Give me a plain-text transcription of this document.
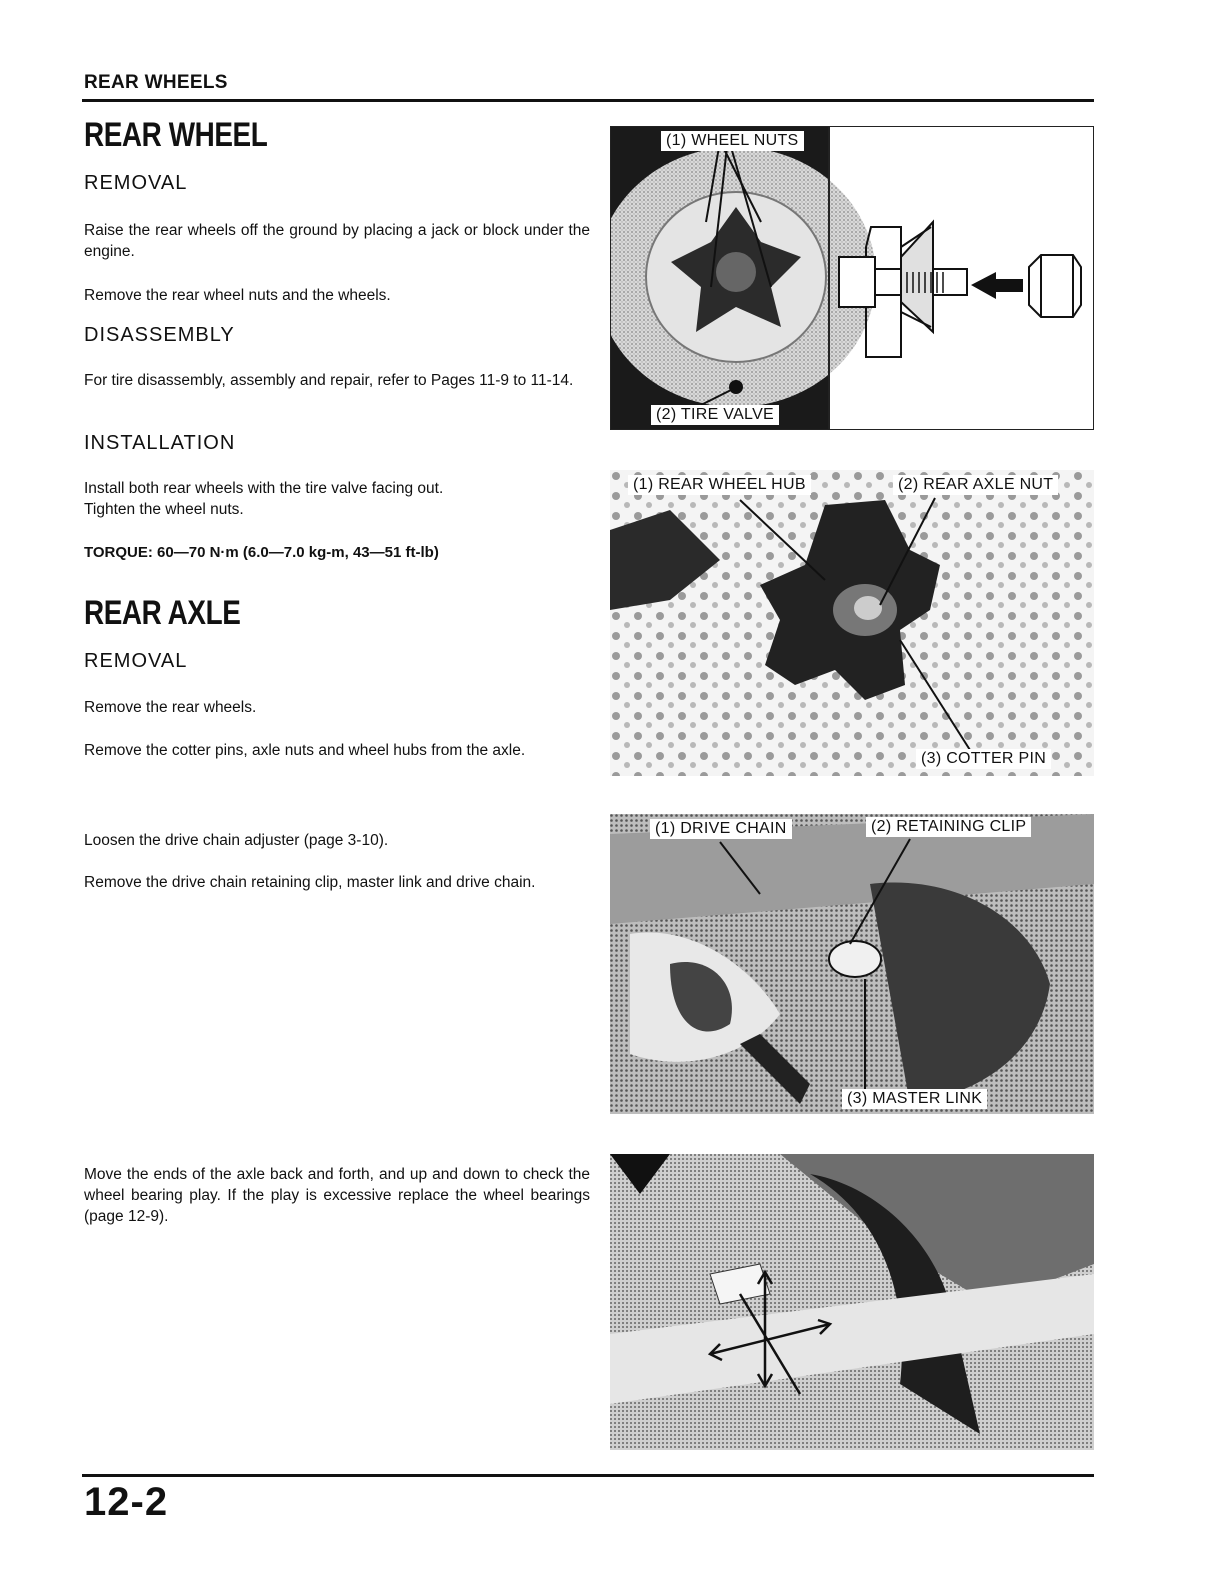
REAR WHEELS
REAR WHEEL
REMOVAL
Raise the rear wheels off the ground by placing a jack or block under the engine.
Remove the rear wheel nuts and the wheels.
DISASSEMBLY
For tire disassembly, assembly and repair, refer to Pages 11-9 to 11-14.
INSTALLATION
Install both rear wheels with the tire valve facing out.
Tighten the wheel nuts.
TORQUE: 60—70 N·m (6.0—7.0 kg-m, 43—51 ft-lb)
REAR AXLE
REMOVAL
Remove the rear wheels.
Remove the cotter pins, axle nuts and wheel hubs from the axle.
Loosen the drive chain adjuster (page 3-10).
Remove the drive chain retaining clip, master link and drive chain.
Move the ends of the axle back and forth, and up and down to check the wheel bearing play. If the play is excessive replace the wheel bearings (page 12-9).
(1) WHEEL NUTS
(2) TIRE VALVE
(1) REAR WHEEL HUB	(2) REAR AXLE NUT
(3) COTTER PIN
(1) DRIVE CHAIN	(2) RETAINING CLIP
(3) MASTER LINK
12-2
